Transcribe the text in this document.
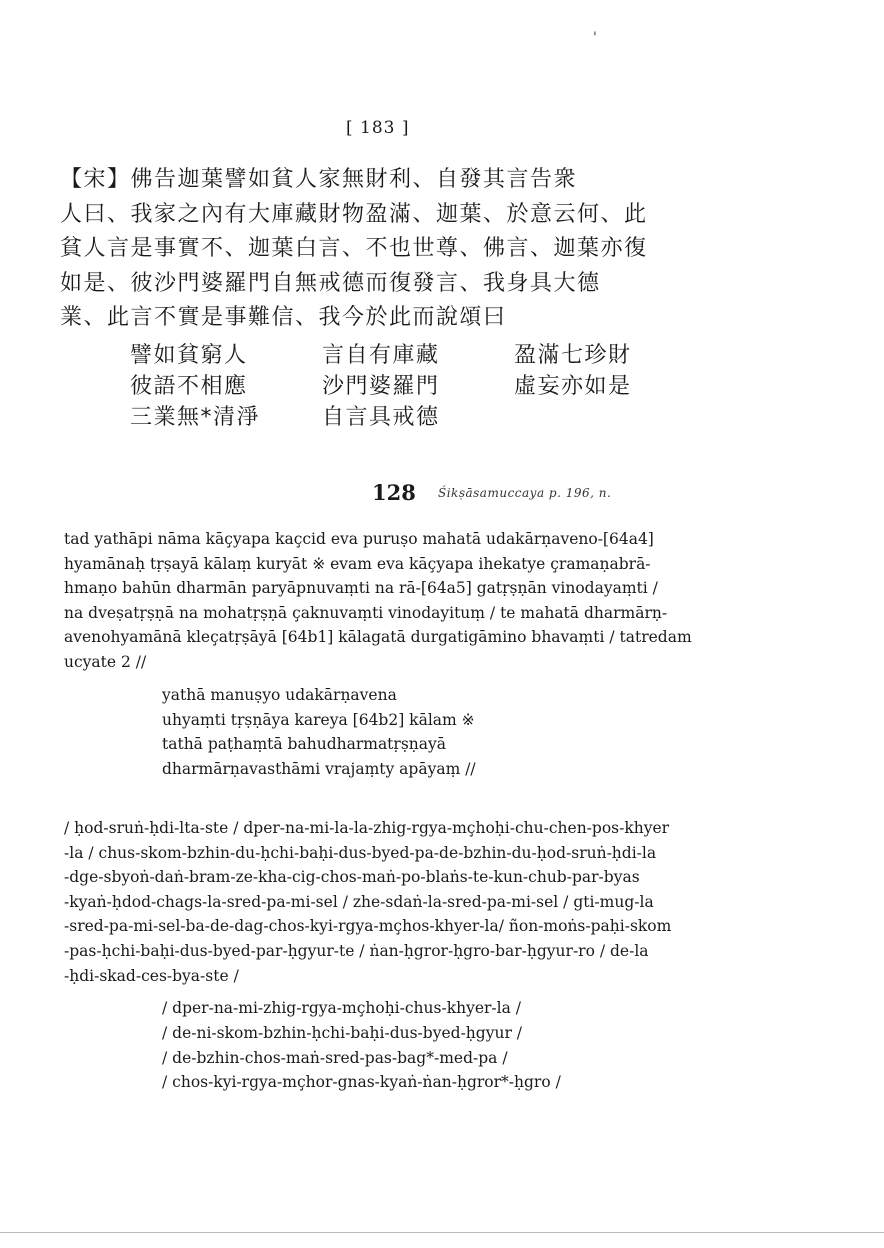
'
[ 183 ]
【宋】佛告迦葉譬如貧人家無財利、自發其言告衆
人曰、我家之內有大庫藏財物盈滿、迦葉、於意云何、此
貧人言是事實不、迦葉白言、不也世尊、佛言、迦葉亦復
如是、彼沙門婆羅門自無戒德而復發言、我身具大德
業、此言不實是事難信、我今於此而說頌曰
譬如貧窮人	言自有庫藏	盈滿七珍財
彼語不相應	沙門婆羅門	虛妄亦如是
三業無*清淨	自言具戒德
128 Śikṣāsamuccaya p. 196, n.
tad yathāpi nāma kāçyapa kaçcid eva puruṣo mahatā udakārṇaveno-[64a4]
hyamānaḥ tṛṣayā kālaṃ kuryāt ※ evam eva kāçyapa ihekatye çramaṇabrā-
hmaṇo bahūn dharmān paryāpnuvaṃti na rā-[64a5] gatṛṣṇān vinodayaṃti /
na dveṣatṛṣṇā na mohatṛṣṇā çaknuvaṃti vinodayituṃ / te mahatā dharmārṇ-
avenohyamānā kleçatṛṣāyā [64b1] kālagatā durgatigāmino bhavaṃti / tatredam
ucyate 2 //
yathā manuṣyo udakārṇavena
uhyaṃti tṛṣṇāya kareya [64b2] kālam ※
tathā paṭhaṃtā bahudharmatṛṣṇayā
dharmārṇavasthāmi vrajaṃty apāyaṃ //
/ ḥod-sruṅ-ḥdi-lta-ste / dper-na-mi-la-la-zhig-rgya-mçhoḥi-chu-chen-pos-khyer
-la / chus-skom-bzhin-du-ḥchi-baḥi-dus-byed-pa-de-bzhin-du-ḥod-sruṅ-ḥdi-la
-dge-sbyoṅ-daṅ-bram-ze-kha-cig-chos-maṅ-po-blaṅs-te-kun-chub-par-byas
-kyaṅ-ḥdod-chags-la-sred-pa-mi-sel / zhe-sdaṅ-la-sred-pa-mi-sel / gti-mug-la
-sred-pa-mi-sel-ba-de-dag-chos-kyi-rgya-mçhos-khyer-la/ ñon-moṅs-paḥi-skom
-pas-ḥchi-baḥi-dus-byed-par-ḥgyur-te / ṅan-ḥgror-ḥgro-bar-ḥgyur-ro / de-la
-ḥdi-skad-ces-bya-ste /
/ dper-na-mi-zhig-rgya-mçhoḥi-chus-khyer-la /
/ de-ni-skom-bzhin-ḥchi-baḥi-dus-byed-ḥgyur /
/ de-bzhin-chos-maṅ-sred-pas-bag*-med-pa /
/ chos-kyi-rgya-mçhor-gnas-kyaṅ-ṅan-ḥgror*-ḥgro /
